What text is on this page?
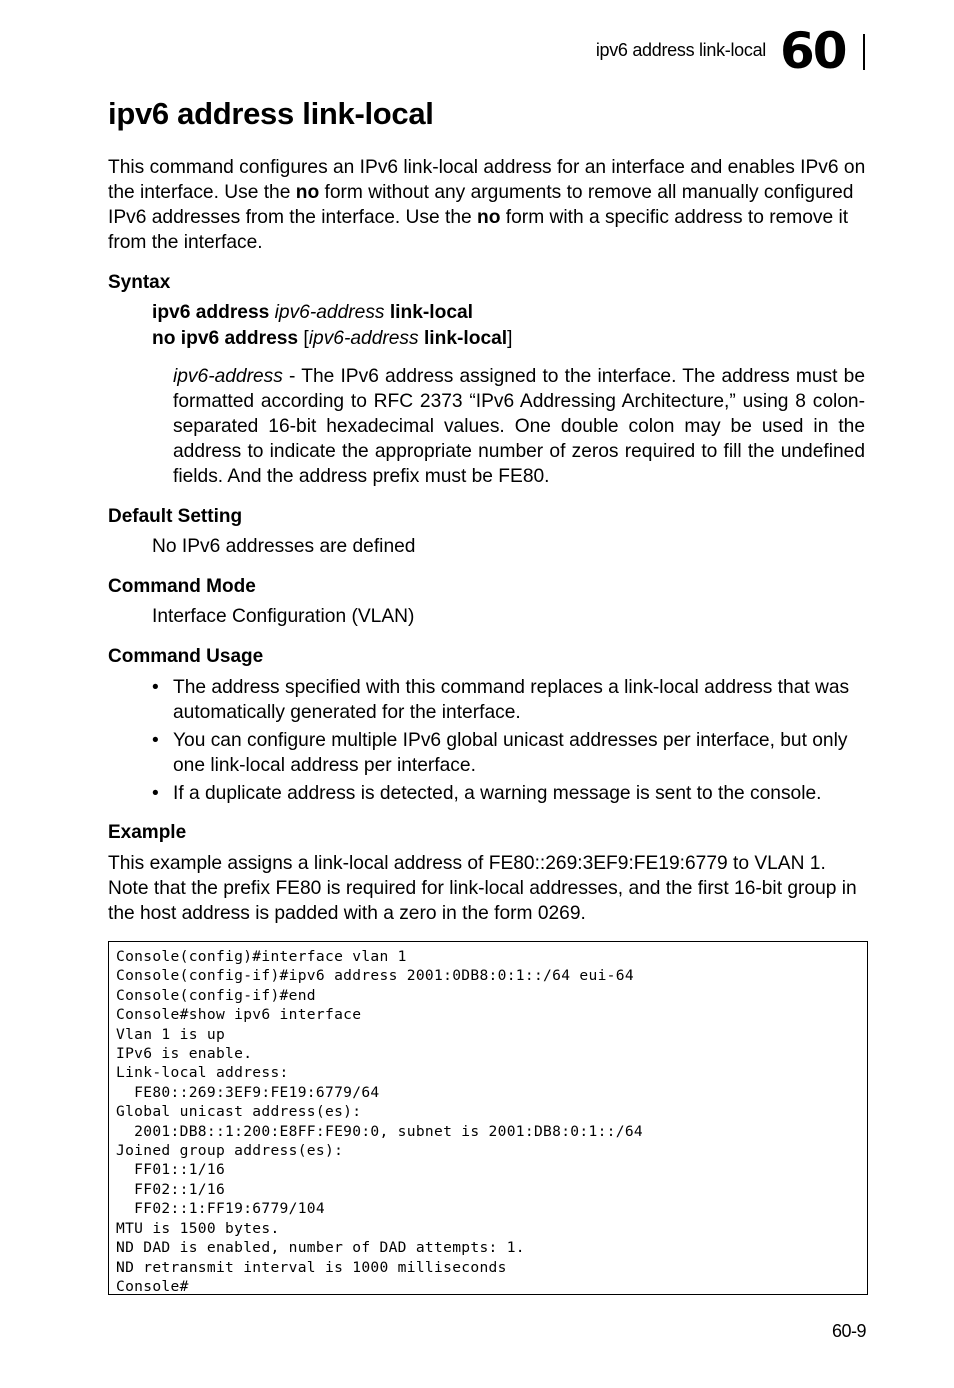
ipv6 address link-local 60
ipv6 address link-local

This command configures an IPv6 link-local address for an interface and enables IPv6 on the interface. Use the no form without any arguments to remove all manually configured IPv6 addresses from the interface. Use the no form with a specific address to remove it from the interface.

Syntax
ipv6 address ipv6-address link-local
no ipv6 address [ipv6-address link-local]

ipv6-address - The IPv6 address assigned to the interface. The address must be formatted according to RFC 2373 “IPv6 Addressing Architecture,” using 8 colon-separated 16-bit hexadecimal values. One double colon may be used in the address to indicate the appropriate number of zeros required to fill the undefined fields. And the address prefix must be FE80.

Default Setting
No IPv6 addresses are defined
Command Mode
Interface Configuration (VLAN)
Command Usage
• The address specified with this command replaces a link-local address that was automatically generated for the interface.
• You can configure multiple IPv6 global unicast addresses per interface, but only one link-local address per interface.
• If a duplicate address is detected, a warning message is sent to the console.
Example

This example assigns a link-local address of FE80::269:3EF9:FE19:6779 to VLAN 1. Note that the prefix FE80 is required for link-local addresses, and the first 16-bit group in the host address is padded with a zero in the form 0269.

Console(config)#interface vlan 1
Console(config-if)#ipv6 address 2001:0DB8:0:1::/64 eui-64
Console(config-if)#end
Console#show ipv6 interface
Vlan 1 is up
IPv6 is enable.
Link-local address:
FE80::269:3EF9:FE19:6779/64
Global unicast address(es):
2001:DB8::1:200:E8FF:FE90:0, subnet is 2001:DB8:0:1::/64
Joined group address(es):
FF01::1/16
FF02::1/16
FF02::1:FF19:6779/104
MTU is 1500 bytes.
ND DAD is enabled, number of DAD attempts: 1.
ND retransmit interval is 1000 milliseconds
Console#
60-9
